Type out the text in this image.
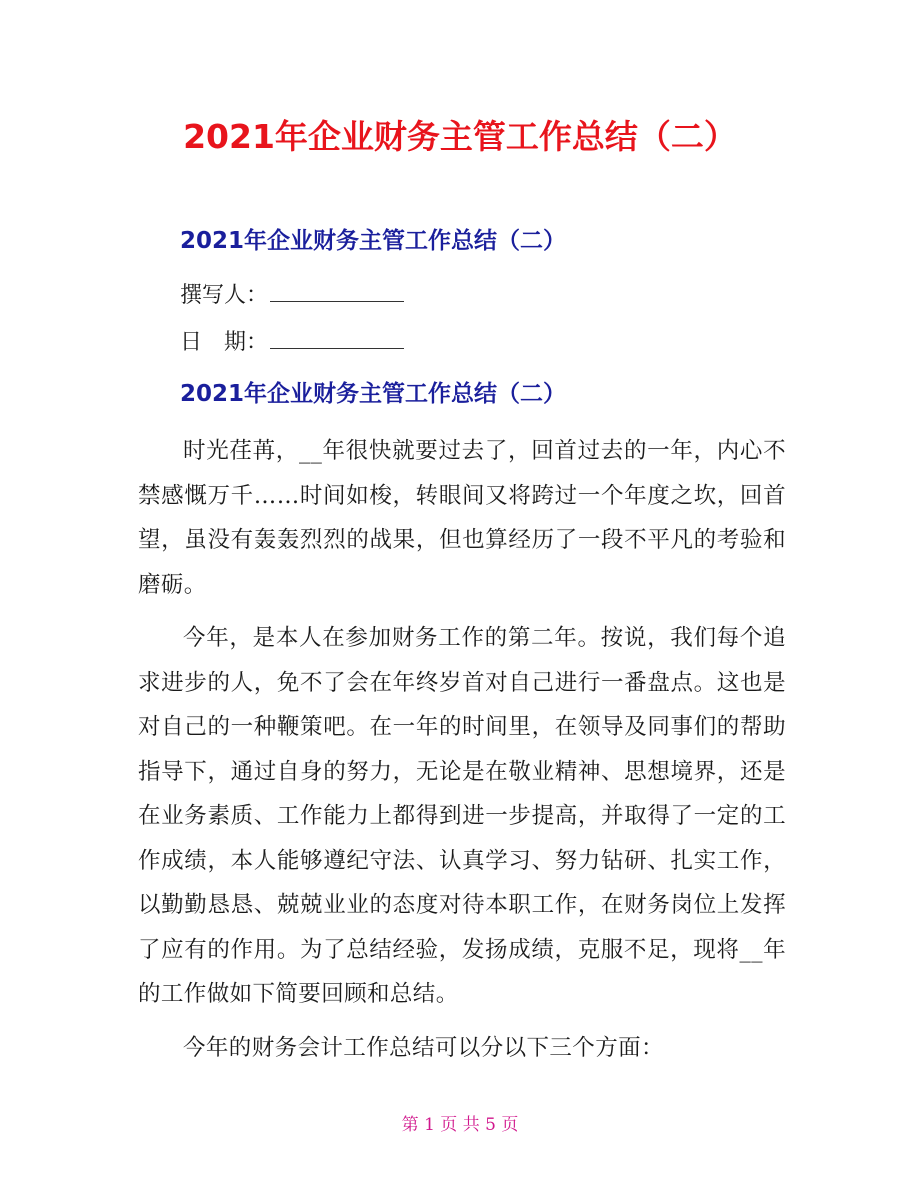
2021年企业财务主管工作总结（二）
2021年企业财务主管工作总结（二）
撰写人：
日　期：
2021年企业财务主管工作总结（二）

时光荏苒，__年很快就要过去了，回首过去的一年，内心不禁感慨万千……时间如梭，转眼间又将跨过一个年度之坎，回首望，虽没有轰轰烈烈的战果，但也算经历了一段不平凡的考验和磨砺。

今年，是本人在参加财务工作的第二年。按说，我们每个追求进步的人，免不了会在年终岁首对自己进行一番盘点。这也是对自己的一种鞭策吧。在一年的时间里，在领导及同事们的帮助指导下，通过自身的努力，无论是在敬业精神、思想境界，还是在业务素质、工作能力上都得到进一步提高，并取得了一定的工作成绩，本人能够遵纪守法、认真学习、努力钻研、扎实工作，以勤勤恳恳、兢兢业业的态度对待本职工作，在财务岗位上发挥了应有的作用。为了总结经验，发扬成绩，克服不足，现将__年的工作做如下简要回顾和总结。

今年的财务会计工作总结可以分以下三个方面：

第 1 页 共 5 页
